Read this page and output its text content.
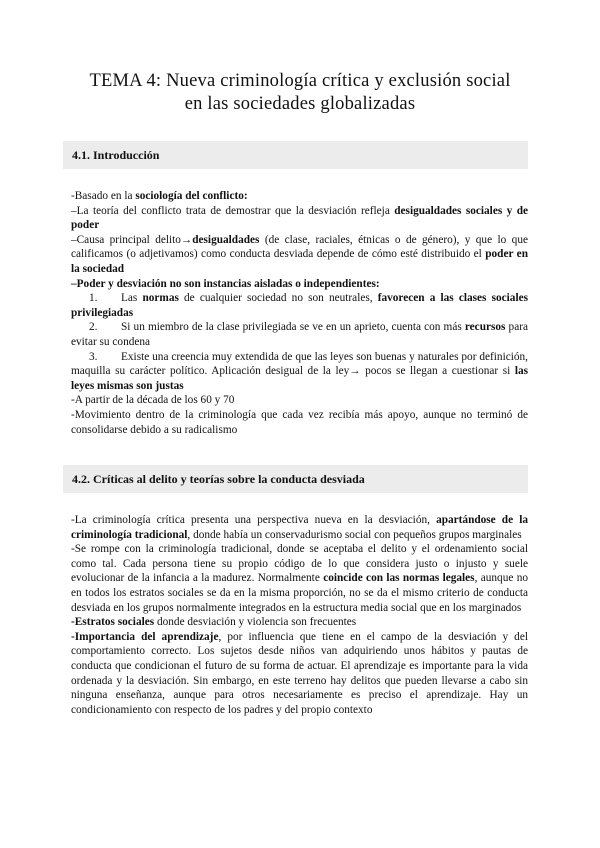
TEMA 4: Nueva criminología crítica y exclusión social
en las sociedades globalizadas
4.1. Introducción

-Basado en la sociología del conflicto:

–La teoría del conflicto trata de demostrar que la desviación refleja desigualdades sociales y de poder

–Causa principal delito→desigualdades (de clase, raciales, étnicas o de género), y que lo que calificamos (o adjetivamos) como conducta desviada depende de cómo esté distribuido el poder en la sociedad

–Poder y desviación no son instancias aisladas o independientes:

1. Las normas de cualquier sociedad no son neutrales, favorecen a las clases sociales privilegiadas

2. Si un miembro de la clase privilegiada se ve en un aprieto, cuenta con más recursos para evitar su condena

3. Existe una creencia muy extendida de que las leyes son buenas y naturales por definición, maquilla su carácter político. Aplicación desigual de la ley→ pocos se llegan a cuestionar si las leyes mismas son justas

-A partir de la década de los 60 y 70

-Movimiento dentro de la criminología que cada vez recibía más apoyo, aunque no terminó de consolidarse debido a su radicalismo

4.2. Críticas al delito y teorías sobre la conducta desviada

-La criminología crítica presenta una perspectiva nueva en la desviación, apartándose de la criminología tradicional, donde había un conservadurismo social con pequeños grupos marginales

-Se rompe con la criminología tradicional, donde se aceptaba el delito y el ordenamiento social como tal. Cada persona tiene su propio código de lo que considera justo o injusto y suele evolucionar de la infancia a la madurez. Normalmente coincide con las normas legales, aunque no en todos los estratos sociales se da en la misma proporción, no se da el mismo criterio de conducta desviada en los grupos normalmente integrados en la estructura media social que en los marginados

-Estratos sociales donde desviación y violencia son frecuentes

-Importancia del aprendizaje, por influencia que tiene en el campo de la desviación y del comportamiento correcto. Los sujetos desde niños van adquiriendo unos hábitos y pautas de conducta que condicionan el futuro de su forma de actuar. El aprendizaje es importante para la vida ordenada y la desviación. Sin embargo, en este terreno hay delitos que pueden llevarse a cabo sin ninguna enseñanza, aunque para otros necesariamente es preciso el aprendizaje. Hay un condicionamiento con respecto de los padres y del propio contexto
